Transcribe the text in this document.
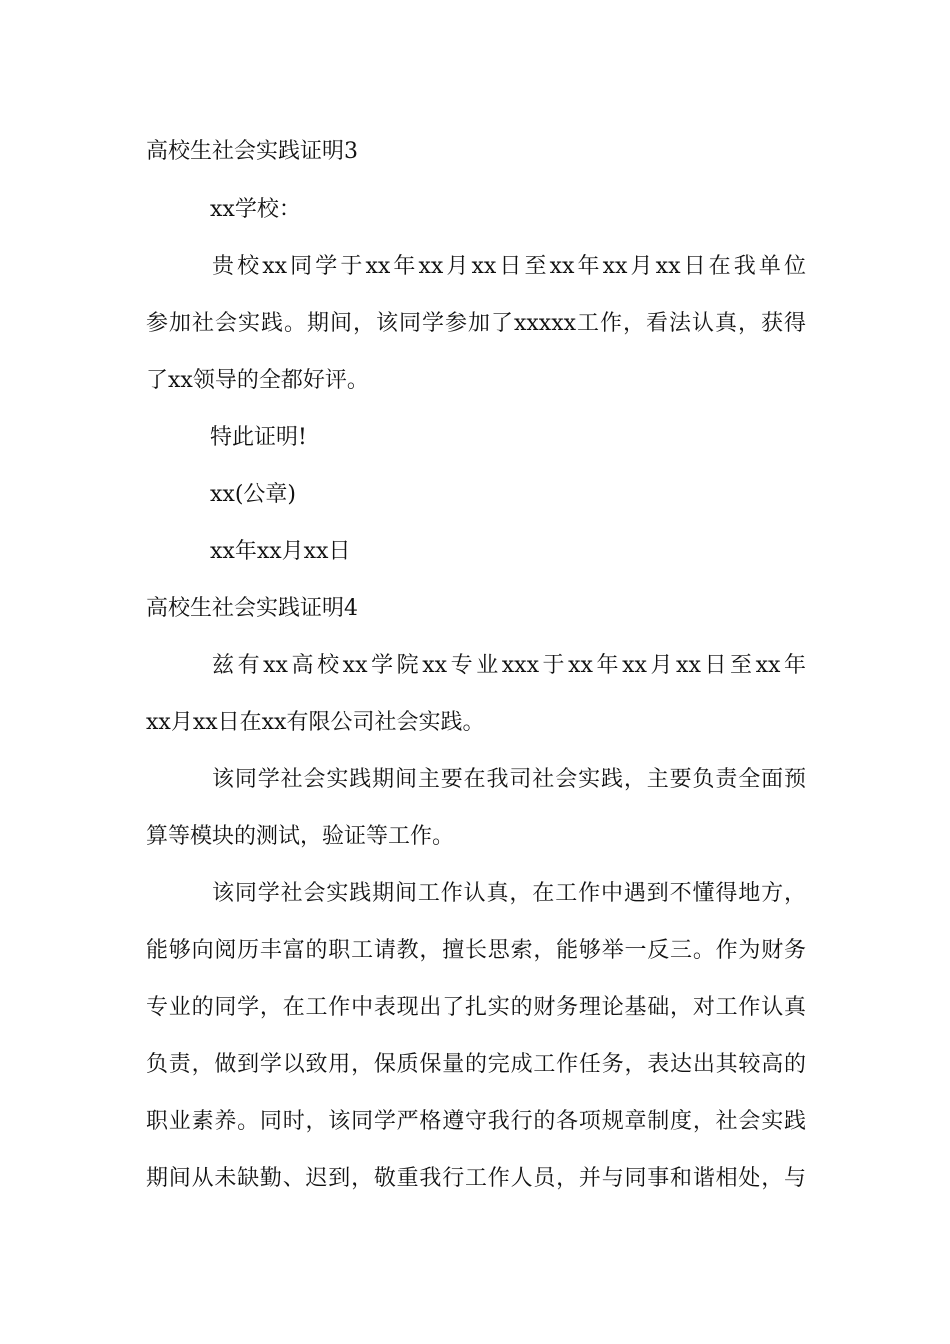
高校生社会实践证明3
xx学校：
贵校xx同学于xx年xx月xx日至xx年xx月xx日在我单位
参加社会实践。期间，该同学参加了xxxxx工作，看法认真，获得
了xx领导的全都好评。
特此证明!
xx(公章)
xx年xx月xx日
高校生社会实践证明4
兹有xx高校xx学院xx专业xxx于xx年xx月xx日至xx年
xx月xx日在xx有限公司社会实践。
该同学社会实践期间主要在我司社会实践，主要负责全面预
算等模块的测试，验证等工作。
该同学社会实践期间工作认真，在工作中遇到不懂得地方，
能够向阅历丰富的职工请教，擅长思索，能够举一反三。作为财务
专业的同学，在工作中表现出了扎实的财务理论基础，对工作认真
负责，做到学以致用，保质保量的完成工作任务，表达出其较高的
职业素养。同时，该同学严格遵守我行的各项规章制度，社会实践
期间从未缺勤、迟到，敬重我行工作人员，并与同事和谐相处，与
